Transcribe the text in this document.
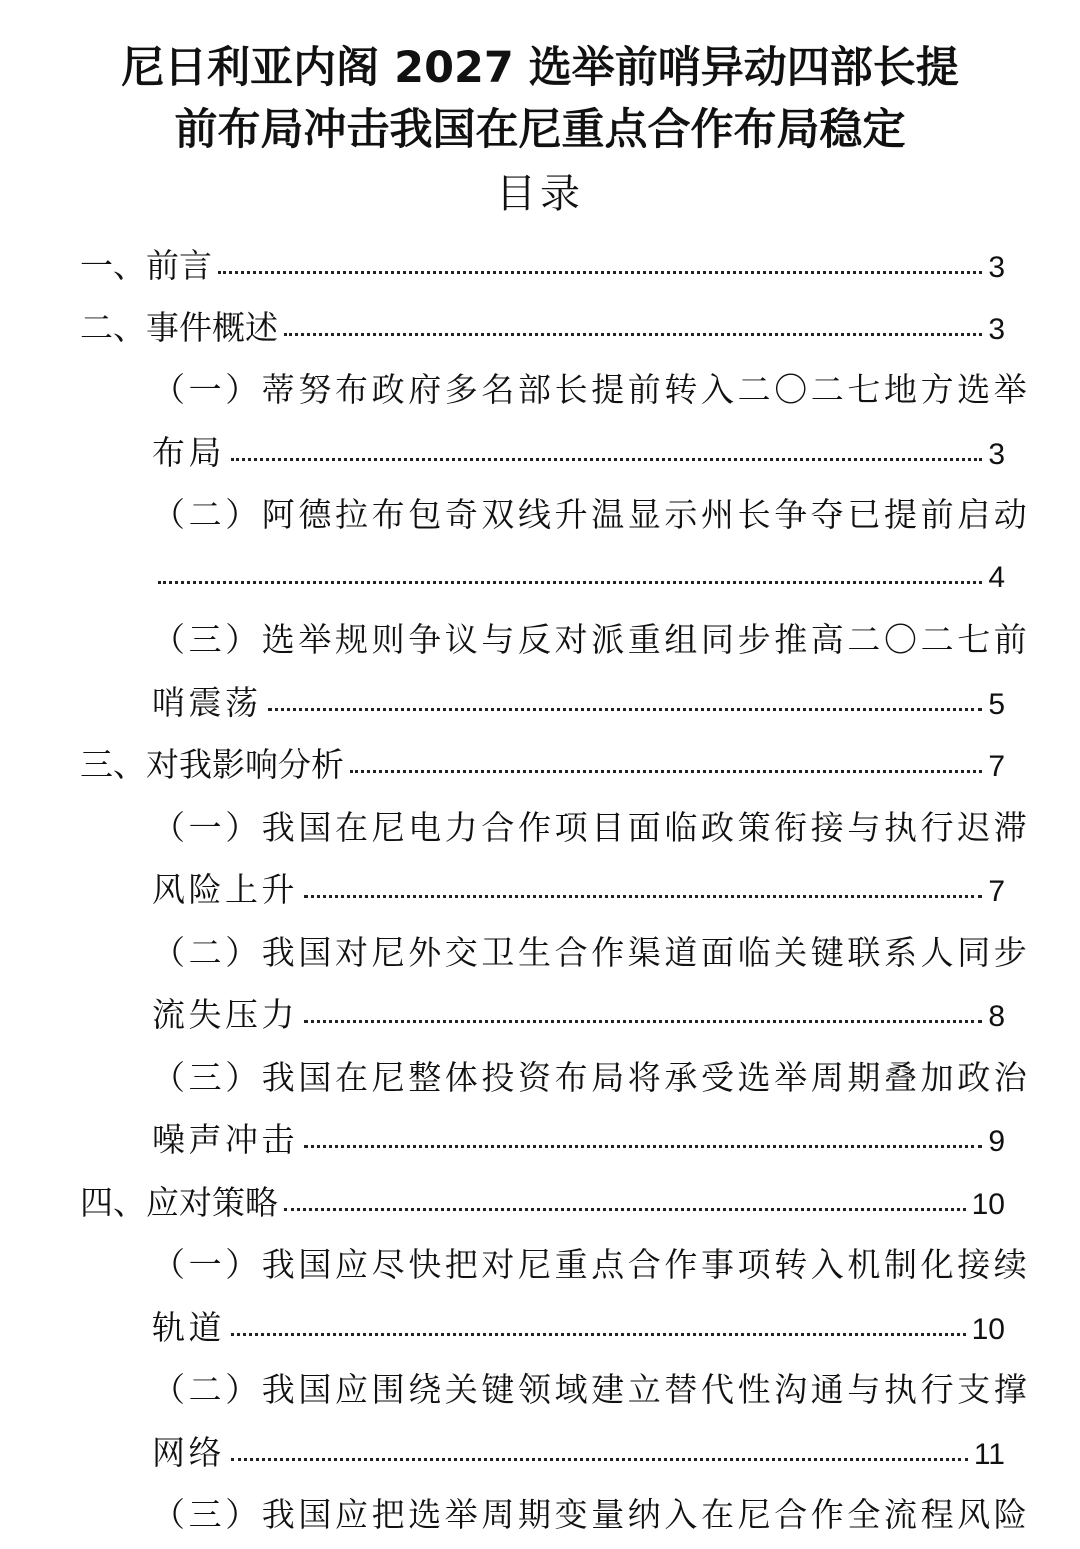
尼日利亚内阁 2027 选举前哨异动四部长提
前布局冲击我国在尼重点合作布局稳定
目录
一、前言	3
二、事件概述	3
（一）蒂努布政府多名部长提前转入二〇二七地方选举
布局	3
（二）阿德拉布包奇双线升温显示州长争夺已提前启动
4
（三）选举规则争议与反对派重组同步推高二〇二七前
哨震荡	5
三、对我影响分析	7
（一）我国在尼电力合作项目面临政策衔接与执行迟滞
风险上升	7
（二）我国对尼外交卫生合作渠道面临关键联系人同步
流失压力	8
（三）我国在尼整体投资布局将承受选举周期叠加政治
噪声冲击	9
四、应对策略	10
（一）我国应尽快把对尼重点合作事项转入机制化接续
轨道	10
（二）我国应围绕关键领域建立替代性沟通与执行支撑
网络	11
（三）我国应把选举周期变量纳入在尼合作全流程风险
